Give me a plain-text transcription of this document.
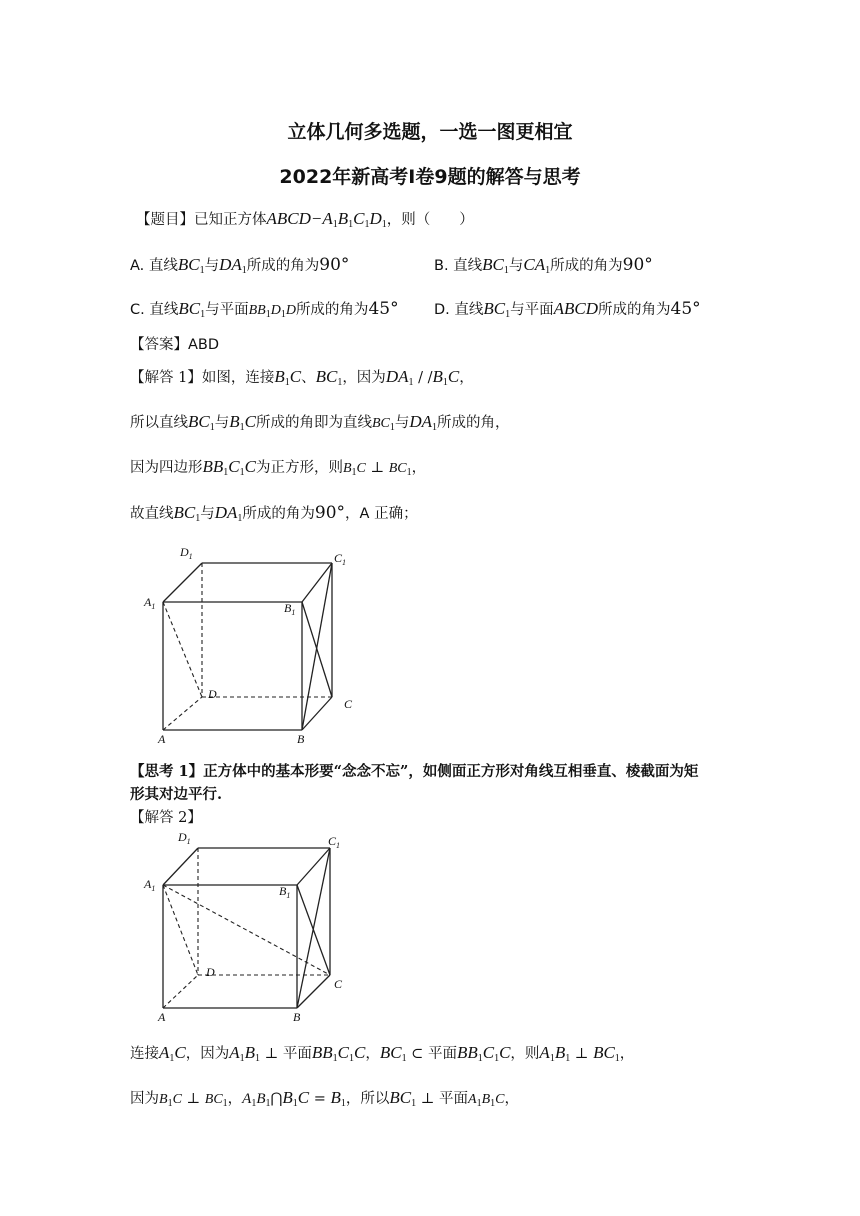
立体几何多选题，一选一图更相宜
2022年新高考I卷9题的解答与思考
【题目】已知正方体$ABCD-A_1B_1C_1D_1$，则（　　）
A. 直线$BC_1$与$DA_1$所成的角为90°	B. 直线$BC_1$与$CA_1$所成的角为90°
C. 直线$BC_1$与平面$BB_1D_1D$所成的角为45° D. 直线$BC_1$与平面ABCD所成的角为45°
【答案】ABD
【解答 1】如图，连接$B_1C$、$BC_1$，因为$DA_1 / /B_1C$，
所以直线$BC_1$与$B_1C$所成的角即为直线$BC_1$与$DA_1$所成的角，
因为四边形$BB_1C_1C$为正方形，则$B_1C$ ⊥ $BC_1$，
故直线$BC_1$与$DA_1$所成的角为90°，A 正确；
$D_1$	$C_1$
$A_1$	$B_1$
D
C
A	B
【思考 1】正方体中的基本形要“念念不忘”，如侧面正方形对角线互相垂直、棱截面为矩
形其对边平行.
【解答 2】
$D_1$	$C_1$
$A_1$	$B_1$
D
C
A	B
连接$A_1C$，因为$A_1B_1$ ⊥ 平面$BB_1C_1C$，$BC_1$ ⊂ 平面$BB_1C_1C$，则$A_1B_1$ ⊥ $BC_1$，
因为$B_1C$ ⊥ $BC_1$，$A_1B_1⋂B_1C = B_1$，所以$BC_1$ ⊥ 平面$A_1B_1C$，
